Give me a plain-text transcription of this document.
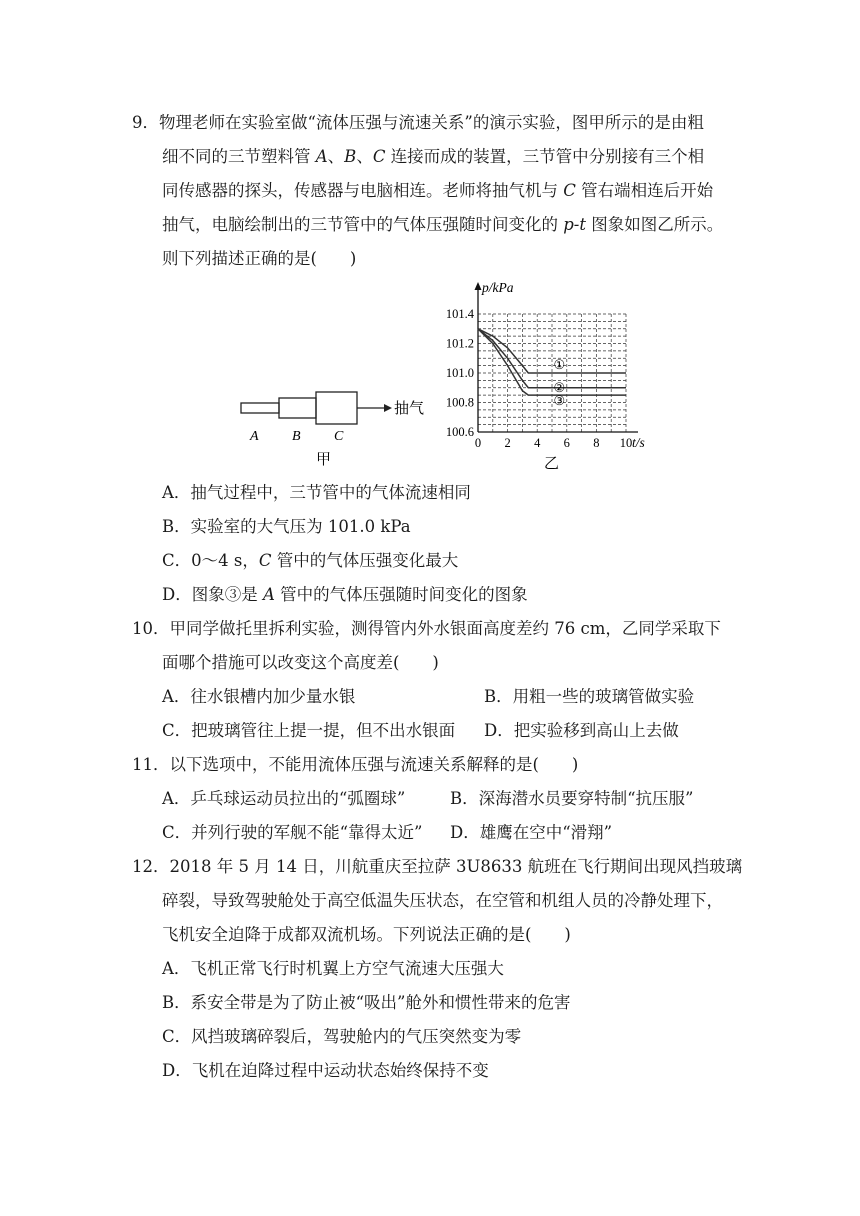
9．物理老师在实验室做“流体压强与流速关系”的演示实验，图甲所示的是由粗
细不同的三节塑料管 A、B、C 连接而成的装置，三节管中分别接有三个相
同传感器的探头，传感器与电脑相连。老师将抽气机与 C 管右端相连后开始
抽气，电脑绘制出的三节管中的气体压强随时间变化的 p-t 图象如图乙所示。
则下列描述正确的是(　　)
抽气
A B C
甲
100.6
100.8
101.0
101.2
101.4
0 2 4 6 8 10
p/kPa
t/s
乙
①
②
③
A．抽气过程中，三节管中的气体流速相同
B．实验室的大气压为 101.0 kPa
C．0～4 s，C 管中的气体压强变化最大
D．图象③是 A 管中的气体压强随时间变化的图象
10．甲同学做托里拆利实验，测得管内外水银面高度差约 76 cm，乙同学采取下
面哪个措施可以改变这个高度差(　　)
A．往水银槽内加少量水银	B．用粗一些的玻璃管做实验
C．把玻璃管往上提一提，但不出水银面 D．把实验移到高山上去做
11．以下选项中，不能用流体压强与流速关系解释的是(　　)
A．乒乓球运动员拉出的“弧圈球”	B．深海潜水员要穿特制“抗压服”
C．并列行驶的军舰不能“靠得太近” D．雄鹰在空中“滑翔”
12．2018 年 5 月 14 日，川航重庆至拉萨 3U8633 航班在飞行期间出现风挡玻璃
碎裂，导致驾驶舱处于高空低温失压状态，在空管和机组人员的冷静处理下，
飞机安全迫降于成都双流机场。下列说法正确的是(　　)
A．飞机正常飞行时机翼上方空气流速大压强大
B．系安全带是为了防止被“吸出”舱外和惯性带来的危害
C．风挡玻璃碎裂后，驾驶舱内的气压突然变为零
D．飞机在迫降过程中运动状态始终保持不变
